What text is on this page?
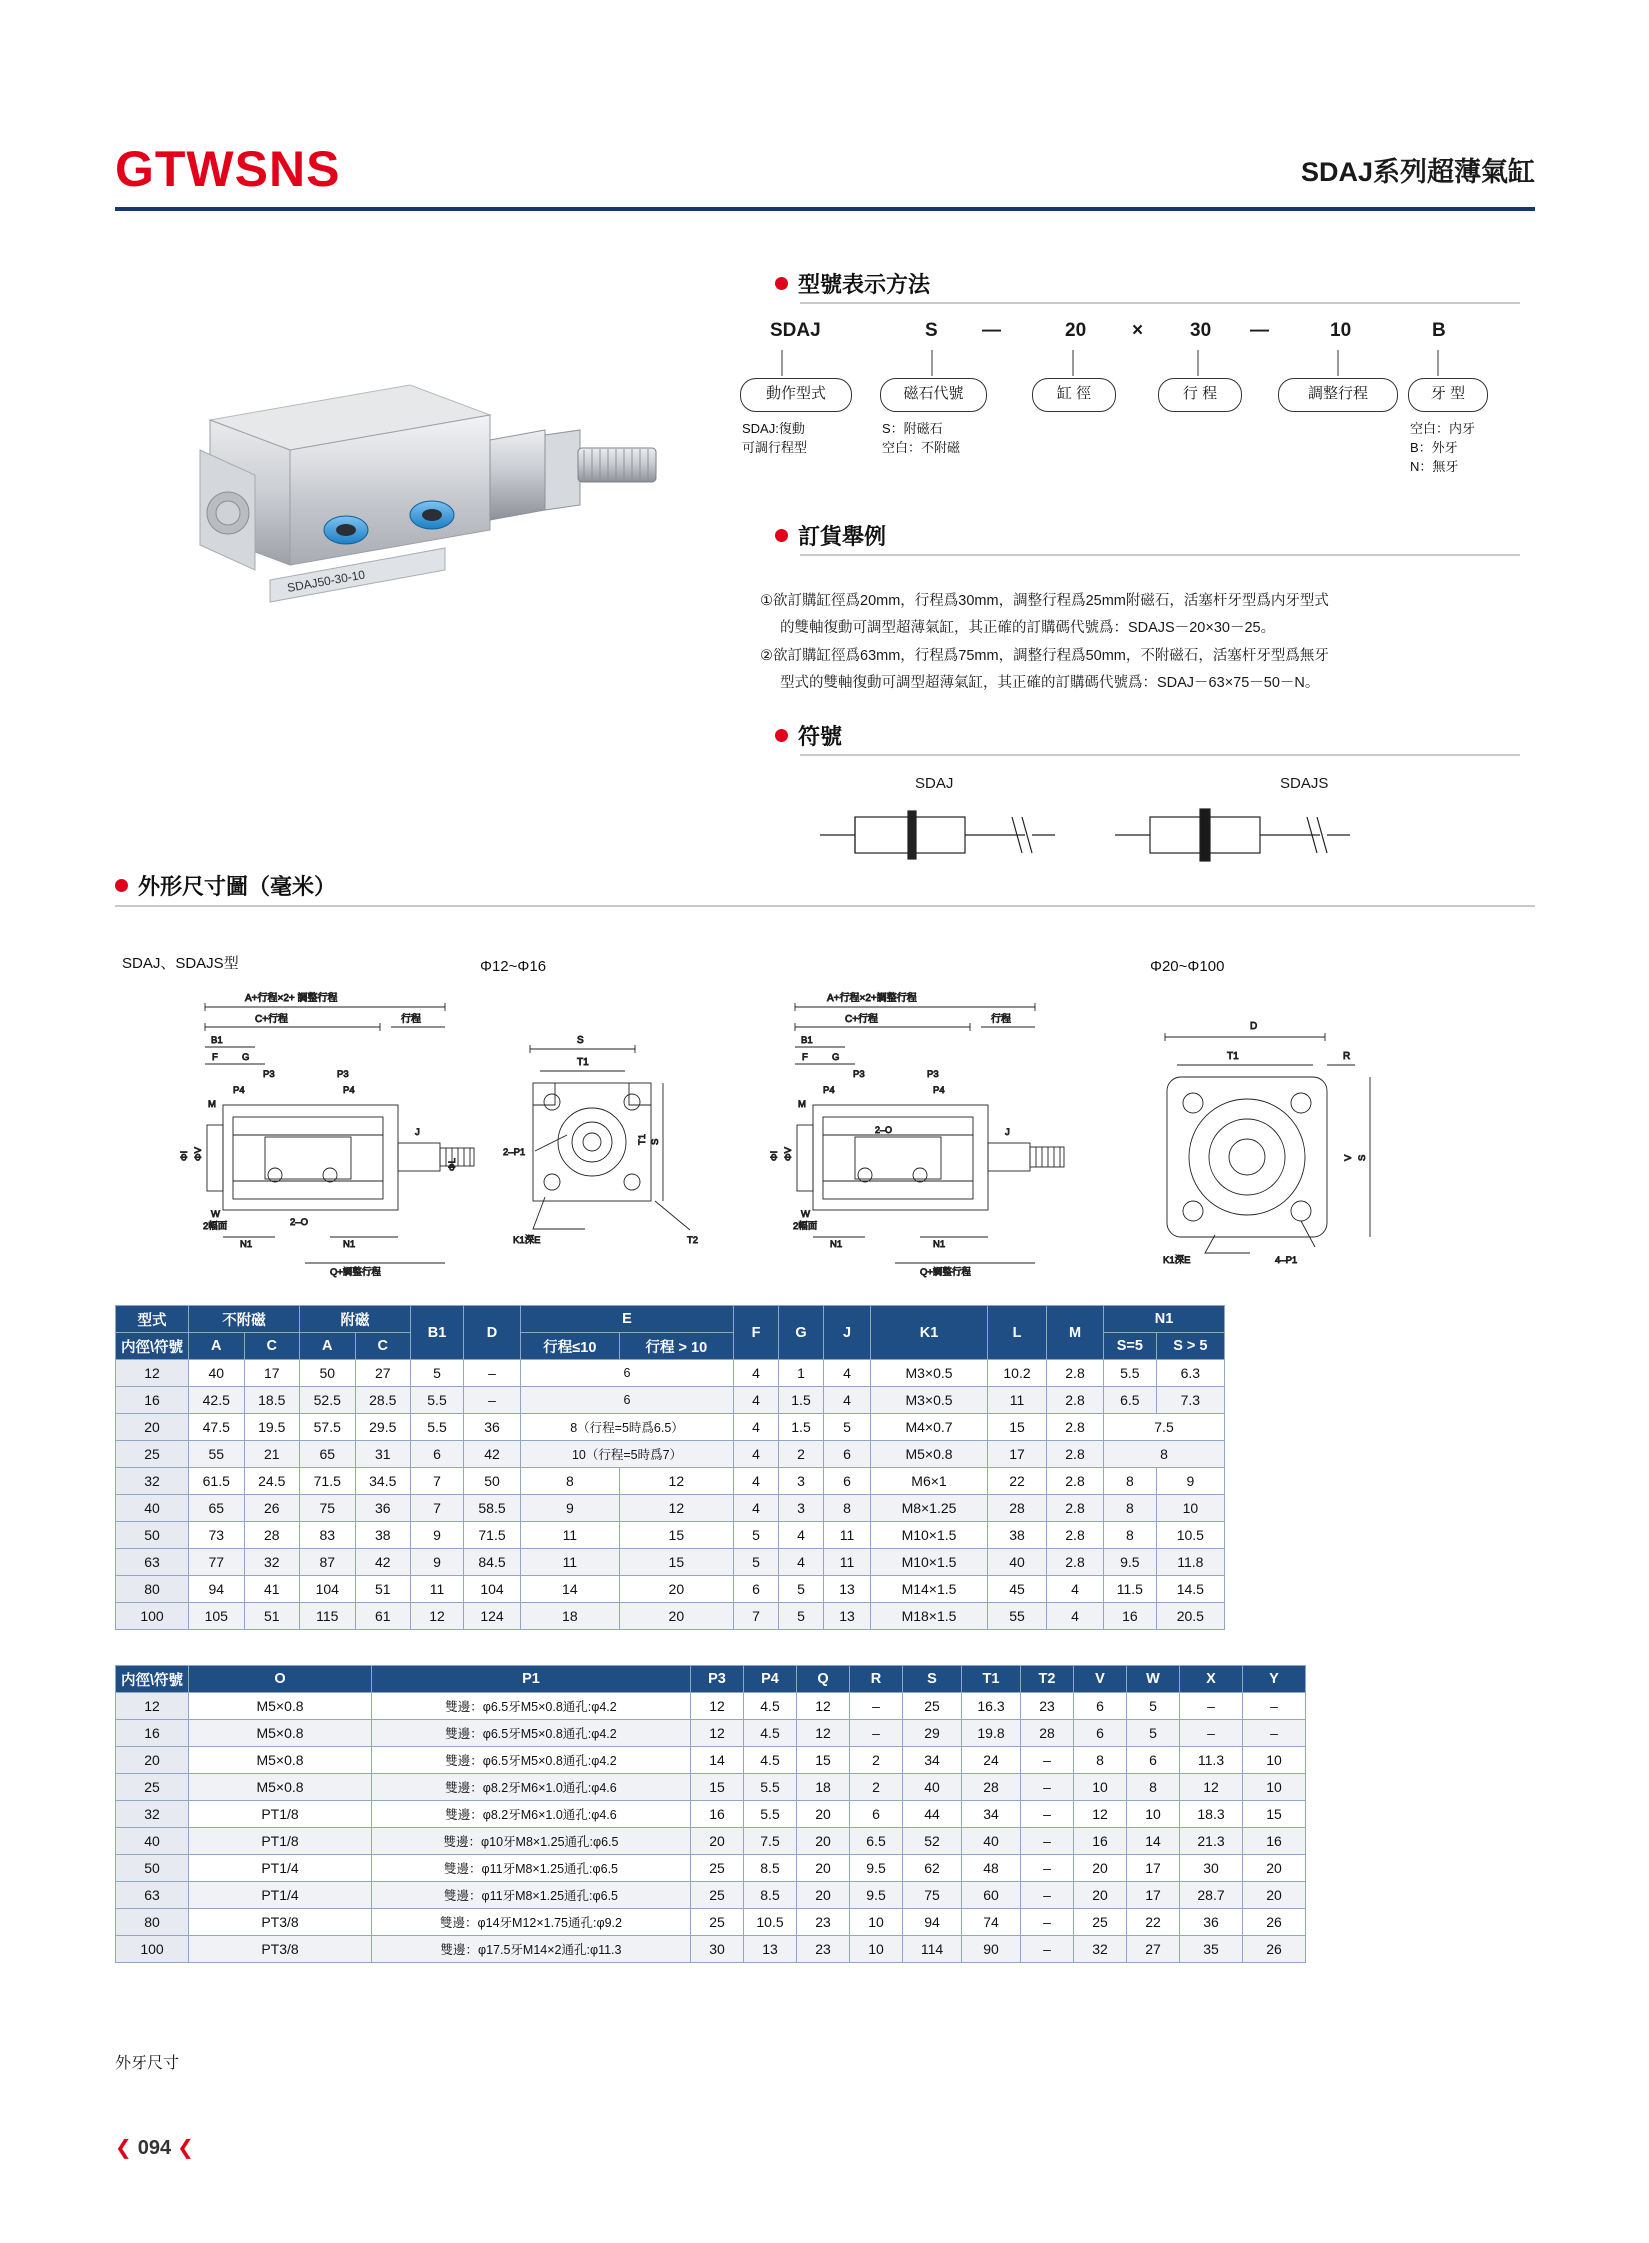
GTWSNS	SDAJ系列超薄氣缸
SDAJ50-30-10
型號表示方法
SDAJ	S —	20 × 30 —	10	B
動作型式	磁石代號	缸 徑	行 程	調整行程	牙 型
SDAJ:復動
可調行程型
S：附磁石
空白：不附磁
空白：内牙
B：外牙
N：無牙
訂貨舉例

①欲訂購缸徑爲20mm，行程爲30mm，調整行程爲25mm附磁石，活塞杆牙型爲内牙型式

的雙軸復動可調型超薄氣缸，其正確的訂購碼代號爲：SDAJS－20×30－25。

②欲訂購缸徑爲63mm，行程爲75mm，調整行程爲50mm，不附磁石，活塞杆牙型爲無牙

型式的雙軸復動可調型超薄氣缸，其正確的訂購碼代號爲：SDAJ－63×75－50－N。

符號
SDAJ	SDAJS
外形尺寸圖（毫米）
SDAJ、SDAJS型	Φ12~Φ16	Φ20~Φ100
A+行程×2+ 調整行程
C+行程	行程
B1
F	G
P3	P3
P4	P4
M
J
ΦI ΦV
W
2幅面	2–O
N1	N1
Q+調整行程
ΦL
S
T1
2–P1
S
T1
T2
K1深E
A+行程×2+調整行程
C+行程	行程
B1
F	G
P3	P3
P4	P4
M
2–O	J
ΦI ΦV
W
2幅面
N1	N1
Q+調整行程
D
T1	R
S
V
K1深E	4–P1
型式	不附磁		附磁		B1	D	E		F	G	J	K1	L	M	N1	
内徑\符號	A	C	A	C			行程≤10	行程 > 10							S=5	S > 5
12	40	17	50	27	5	–	6		4	1	4	M3×0.5	10.2	2.8	5.5	6.3
16	42.5	18.5	52.5	28.5	5.5	–	6		4	1.5	4	M3×0.5	11	2.8	6.5	7.3
20	47.5	19.5	57.5	29.5	5.5	36	8（行程=5時爲6.5）		4	1.5	5	M4×0.7	15	2.8	7.5	
25	55	21	65	31	6	42	10（行程=5時爲7）		4	2	6	M5×0.8	17	2.8	8	
32	61.5	24.5	71.5	34.5	7	50	8	12	4	3	6	M6×1	22	2.8	8	9
40	65	26	75	36	7	58.5	9	12	4	3	8	M8×1.25	28	2.8	8	10
50	73	28	83	38	9	71.5	11	15	5	4	11	M10×1.5	38	2.8	8	10.5
63	77	32	87	42	9	84.5	11	15	5	4	11	M10×1.5	40	2.8	9.5	11.8
80	94	41	104	51	11	104	14	20	6	5	13	M14×1.5	45	4	11.5	14.5
100	105	51	115	61	12	124	18	20	7	5	13	M18×1.5	55	4	16	20.5
内徑\符號	O	P1	P3	P4	Q	R	S	T1	T2	V	W	X	Y
12	M5×0.8	雙邊：φ6.5牙M5×0.8通孔:φ4.2	12	4.5	12	–	25	16.3	23	6	5	–	–
16	M5×0.8	雙邊：φ6.5牙M5×0.8通孔:φ4.2	12	4.5	12	–	29	19.8	28	6	5	–	–
20	M5×0.8	雙邊：φ6.5牙M5×0.8通孔:φ4.2	14	4.5	15	2	34	24	–	8	6	11.3	10
25	M5×0.8	雙邊：φ8.2牙M6×1.0通孔:φ4.6	15	5.5	18	2	40	28	–	10	8	12	10
32	PT1/8	雙邊：φ8.2牙M6×1.0通孔:φ4.6	16	5.5	20	6	44	34	–	12	10	18.3	15
40	PT1/8	雙邊：φ10牙M8×1.25通孔:φ6.5	20	7.5	20	6.5	52	40	–	16	14	21.3	16
50	PT1/4	雙邊：φ11牙M8×1.25通孔:φ6.5	25	8.5	20	9.5	62	48	–	20	17	30	20
63	PT1/4	雙邊：φ11牙M8×1.25通孔:φ6.5	25	8.5	20	9.5	75	60	–	20	17	28.7	20
80	PT3/8	雙邊：φ14牙M12×1.75通孔:φ9.2	25	10.5	23	10	94	74	–	25	22	36	26
100	PT3/8	雙邊：φ17.5牙M14×2通孔:φ11.3	30	13	23	10	114	90	–	32	27	35	26
外牙尺寸
❮ 094 ❮
